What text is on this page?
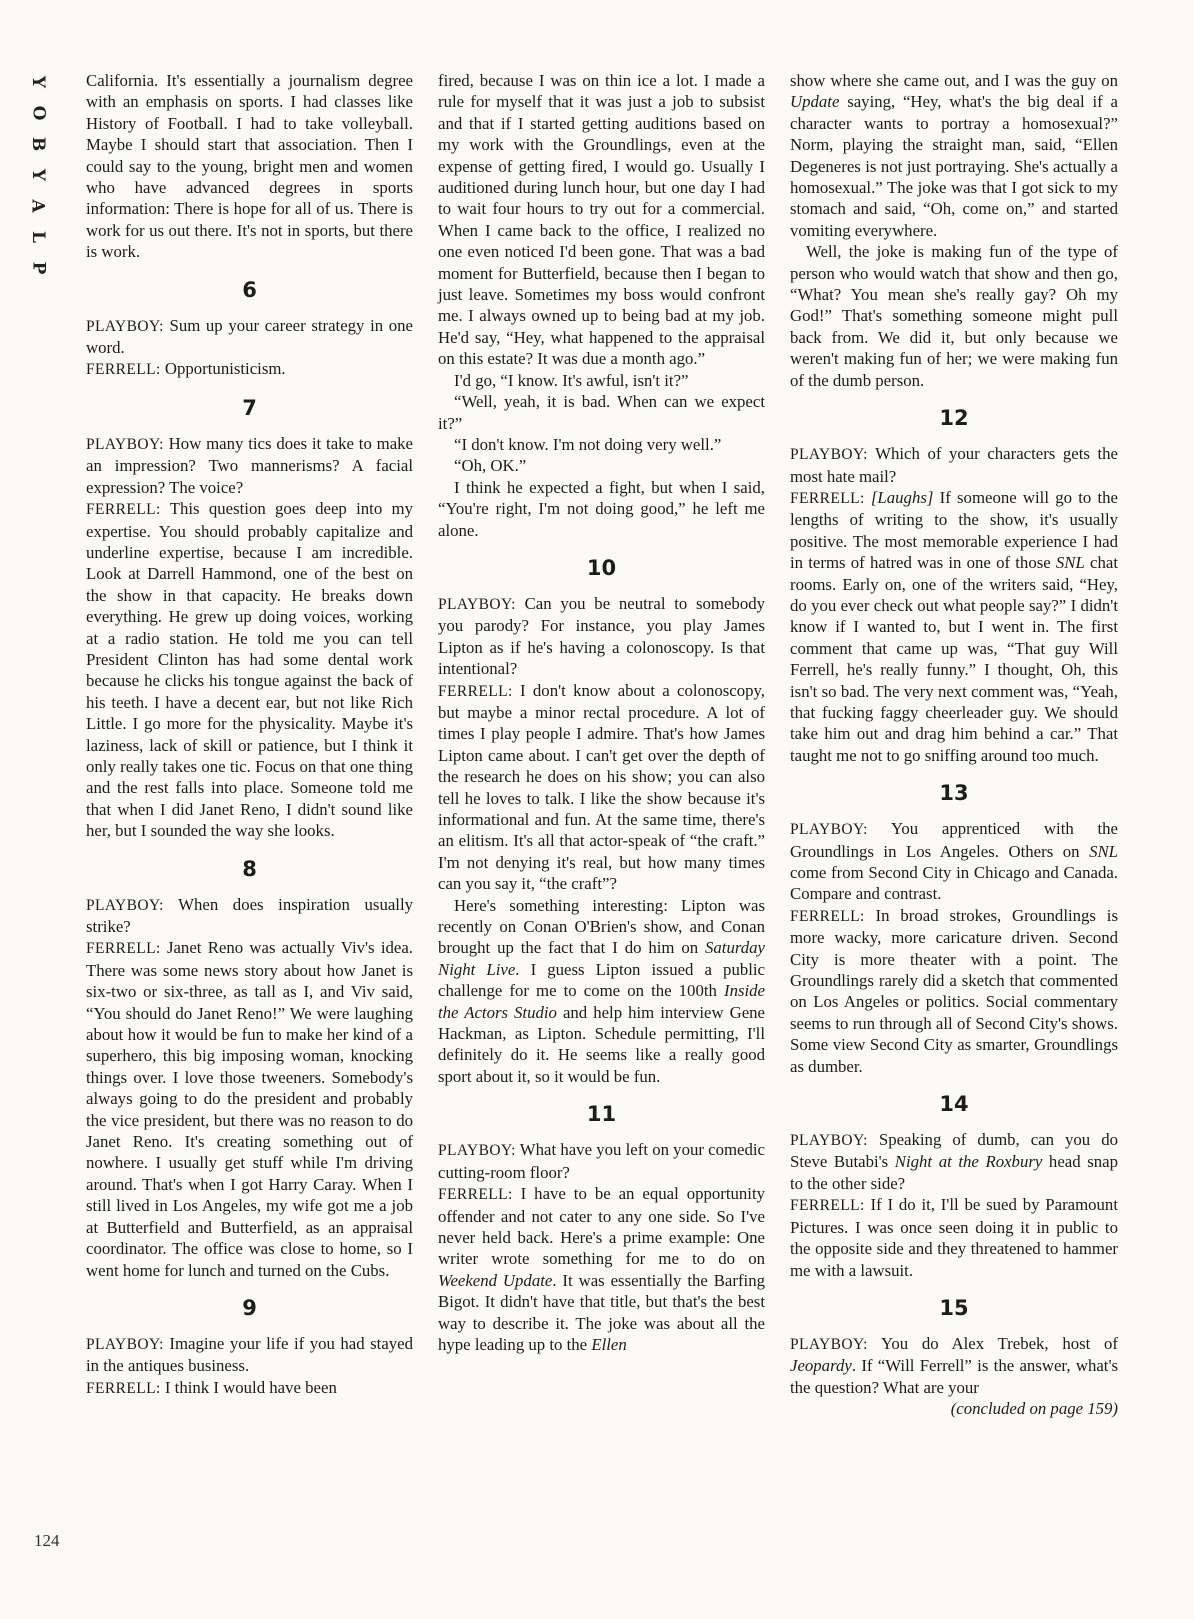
Y
O
B
Y
A
L
P
124

California. It's essentially a journalism degree with an emphasis on sports. I had classes like History of Football. I had to take volleyball. Maybe I should start that association. Then I could say to the young, bright men and women who have advanced degrees in sports information: There is hope for all of us. There is work for us out there. It's not in sports, but there is work.

6

PLAYBOY: Sum up your career strategy in one word.

FERRELL: Opportunisticism.

7

PLAYBOY: How many tics does it take to make an impression? Two mannerisms? A facial expression? The voice?

FERRELL: This question goes deep into my expertise. You should probably capitalize and underline expertise, because I am incredible. Look at Darrell Hammond, one of the best on the show in that capacity. He breaks down everything. He grew up doing voices, working at a radio station. He told me you can tell President Clinton has had some dental work because he clicks his tongue against the back of his teeth. I have a decent ear, but not like Rich Little. I go more for the physicality. Maybe it's laziness, lack of skill or patience, but I think it only really takes one tic. Focus on that one thing and the rest falls into place. Someone told me that when I did Janet Reno, I didn't sound like her, but I sounded the way she looks.

8

PLAYBOY: When does inspiration usually strike?

FERRELL: Janet Reno was actually Viv's idea. There was some news story about how Janet is six-two or six-three, as tall as I, and Viv said, “You should do Janet Reno!” We were laughing about how it would be fun to make her kind of a superhero, this big imposing woman, knocking things over. I love those tweeners. Somebody's always going to do the president and probably the vice president, but there was no reason to do Janet Reno. It's creating something out of nowhere. I usually get stuff while I'm driving around. That's when I got Harry Caray. When I still lived in Los Angeles, my wife got me a job at Butterfield and Butterfield, as an appraisal coordinator. The office was close to home, so I went home for lunch and turned on the Cubs.

9

PLAYBOY: Imagine your life if you had stayed in the antiques business.

FERRELL: I think I would have been

fired, because I was on thin ice a lot. I made a rule for myself that it was just a job to subsist and that if I started getting auditions based on my work with the Groundlings, even at the expense of getting fired, I would go. Usually I auditioned during lunch hour, but one day I had to wait four hours to try out for a commercial. When I came back to the office, I realized no one even noticed I'd been gone. That was a bad moment for Butterfield, because then I began to just leave. Sometimes my boss would confront me. I always owned up to being bad at my job. He'd say, “Hey, what happened to the appraisal on this estate? It was due a month ago.”

I'd go, “I know. It's awful, isn't it?”

“Well, yeah, it is bad. When can we expect it?”

“I don't know. I'm not doing very well.”

“Oh, OK.”

I think he expected a fight, but when I said, “You're right, I'm not doing good,” he left me alone.

10

PLAYBOY: Can you be neutral to somebody you parody? For instance, you play James Lipton as if he's having a colonoscopy. Is that intentional?

FERRELL: I don't know about a colonoscopy, but maybe a minor rectal procedure. A lot of times I play people I admire. That's how James Lipton came about. I can't get over the depth of the research he does on his show; you can also tell he loves to talk. I like the show because it's informational and fun. At the same time, there's an elitism. It's all that actor-speak of “the craft.” I'm not denying it's real, but how many times can you say it, “the craft”?

Here's something interesting: Lipton was recently on Conan O'Brien's show, and Conan brought up the fact that I do him on Saturday Night Live. I guess Lipton issued a public challenge for me to come on the 100th Inside the Actors Studio and help him interview Gene Hackman, as Lipton. Schedule permitting, I'll definitely do it. He seems like a really good sport about it, so it would be fun.

11

PLAYBOY: What have you left on your comedic cutting-room floor?

FERRELL: I have to be an equal opportunity offender and not cater to any one side. So I've never held back. Here's a prime example: One writer wrote something for me to do on Weekend Update. It was essentially the Barfing Bigot. It didn't have that title, but that's the best way to describe it. The joke was about all the hype leading up to the Ellen

show where she came out, and I was the guy on Update saying, “Hey, what's the big deal if a character wants to portray a homosexual?” Norm, playing the straight man, said, “Ellen Degeneres is not just portraying. She's actually a homosexual.” The joke was that I got sick to my stomach and said, “Oh, come on,” and started vomiting everywhere.

Well, the joke is making fun of the type of person who would watch that show and then go, “What? You mean she's really gay? Oh my God!” That's something someone might pull back from. We did it, but only because we weren't making fun of her; we were making fun of the dumb person.

12

PLAYBOY: Which of your characters gets the most hate mail?

FERRELL: [Laughs] If someone will go to the lengths of writing to the show, it's usually positive. The most memorable experience I had in terms of hatred was in one of those SNL chat rooms. Early on, one of the writers said, “Hey, do you ever check out what people say?” I didn't know if I wanted to, but I went in. The first comment that came up was, “That guy Will Ferrell, he's really funny.” I thought, Oh, this isn't so bad. The very next comment was, “Yeah, that fucking faggy cheerleader guy. We should take him out and drag him behind a car.” That taught me not to go sniffing around too much.

13

PLAYBOY: You apprenticed with the Groundlings in Los Angeles. Others on SNL come from Second City in Chicago and Canada. Compare and contrast.

FERRELL: In broad strokes, Groundlings is more wacky, more caricature driven. Second City is more theater with a point. The Groundlings rarely did a sketch that commented on Los Angeles or politics. Social commentary seems to run through all of Second City's shows. Some view Second City as smarter, Groundlings as dumber.

14

PLAYBOY: Speaking of dumb, can you do Steve Butabi's Night at the Roxbury head snap to the other side?

FERRELL: If I do it, I'll be sued by Paramount Pictures. I was once seen doing it in public to the opposite side and they threatened to hammer me with a lawsuit.

15

PLAYBOY: You do Alex Trebek, host of Jeopardy. If “Will Ferrell” is the answer, what's the question? What are your

(concluded on page 159)
